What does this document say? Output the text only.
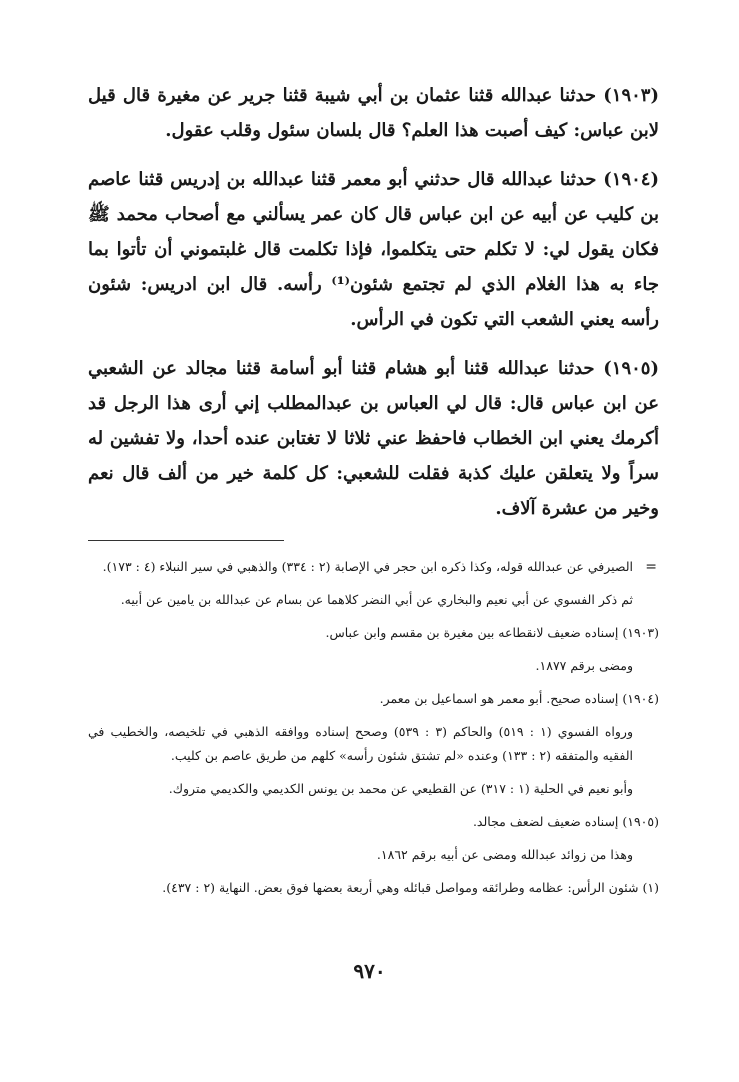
(١٩٠٣) حدثنا عبدالله قثنا عثمان بن أبي شيبة قثنا جرير عن مغيرة قال قيل لابن عباس: كيف أصبت هذا العلم؟ قال بلسان سئول وقلب عقول.

(١٩٠٤) حدثنا عبدالله قال حدثني أبو معمر قثنا عبدالله بن إدريس قثنا عاصم بن كليب عن أبيه عن ابن عباس قال كان عمر يسألني مع أصحاب محمد ﷺ فكان يقول لي: لا تكلم حتى يتكلموا، فإذا تكلمت قال غلبتموني أن تأتوا بما جاء به هذا الغلام الذي لم تجتمع شئون⁽¹⁾ رأسه. قال ابن ادريس: شئون رأسه يعني الشعب التي تكون في الرأس.

(١٩٠٥) حدثنا عبدالله قثنا أبو هشام قثنا أبو أسامة قثنا مجالد عن الشعبي عن ابن عباس قال: قال لي العباس بن عبدالمطلب إني أرى هذا الرجل قد أكرمك يعني ابن الخطاب فاحفظ عني ثلاثا لا تغتابن عنده أحدا، ولا تفشين له سراً ولا يتعلقن عليك كذبة فقلت للشعبي: كل كلمة خير من ألف قال نعم وخير من عشرة آلاف.

=

الصيرفي عن عبدالله قوله، وكذا ذكره ابن حجر في الإصابة (٢ : ٣٣٤) والذهبي في سير النبلاء (٤ : ١٧٣).

ثم ذكر الفسوي عن أبي نعيم والبخاري عن أبي النضر كلاهما عن بسام عن عبدالله بن يامين عن أبيه.

(١٩٠٣) إسناده ضعيف لانقطاعه بين مغيرة بن مقسم وابن عباس.

ومضى برقم ١٨٧٧.

(١٩٠٤) إسناده صحيح. أبو معمر هو اسماعيل بن معمر.

ورواه الفسوي (١ : ٥١٩) والحاكم (٣ : ٥٣٩) وصحح إسناده ووافقه الذهبي في تلخيصه، والخطيب في الفقيه والمتفقه (٢ : ١٣٣) وعنده «لم تشتق شئون رأسه» كلهم من طريق عاصم بن كليب.

وأبو نعيم في الحلية (١ : ٣١٧) عن القطيعي عن محمد بن يونس الكديمي والكديمي متروك.

(١٩٠٥) إسناده ضعيف لضعف مجالد.

وهذا من زوائد عبدالله ومضى عن أبيه برقم ١٨٦٢.

(١) شئون الرأس: عظامه وطرائقه ومواصل قبائله وهي أربعة بعضها فوق بعض. النهاية (٢ : ٤٣٧).

٩٧٠
